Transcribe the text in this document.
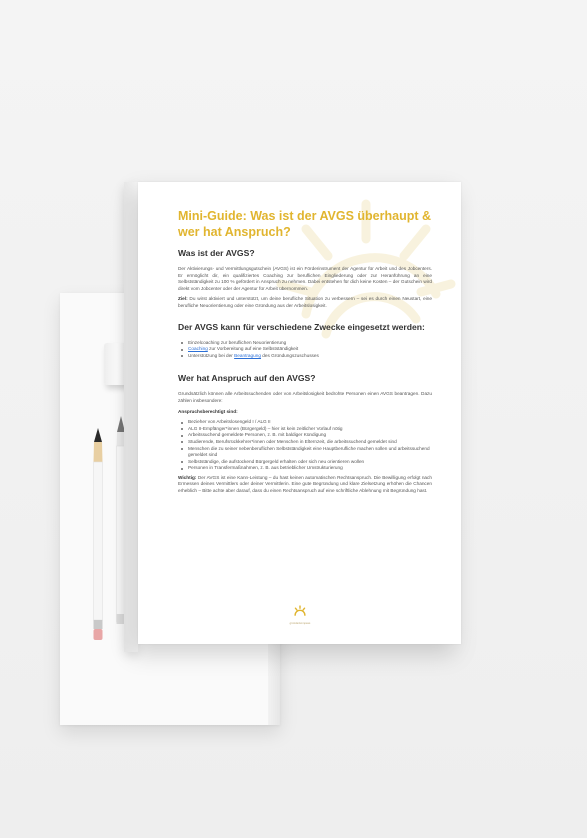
Mini-Guide: Was ist der AVGS überhaupt & wer hat Anspruch?
Was ist der AVGS?

Der Aktivierungs- und Vermittlungsgutschein (AVGS) ist ein Förderinstrument der Agentur für Arbeit und des Jobcenters. Er ermöglicht dir, ein qualifiziertes Coaching zur beruflichen Eingliederung oder zur Heranführung an eine Selbstständigkeit zu 100 % gefördert in Anspruch zu nehmen. Dabei entstehen für dich keine Kosten – der Gutschein wird direkt vom Jobcenter oder der Agentur für Arbeit übernommen.

Ziel: Du wirst aktiviert und unterstützt, um deine berufliche Situation zu verbessern – sei es durch einen Neustart, eine berufliche Neuorientierung oder eine Gründung aus der Arbeitslosigkeit.

Der AVGS kann für verschiedene Zwecke eingesetzt werden:
Einzelcoaching zur beruflichen Neuorientierung
Coaching zur Vorbereitung auf eine Selbstständigkeit
Unterstützung bei der Beantragung des Gründungszuschusses
Wer hat Anspruch auf den AVGS?

Grundsätzlich können alle Arbeitssuchenden oder von Arbeitslosigkeit bedrohte Personen einen AVGS beantragen. Dazu zählen insbesondere:

Anspruchsberechtigt sind:

Bezieher von Arbeitslosengeld I / ALG II
ALG II-Empfänger*innen (Bürgergeld) – hier ist kein zeitlicher Vorlauf nötig
Arbeitssuchend gemeldete Personen, z. B. mit baldiger Kündigung
Studierende, Berufsrückkehrer*innen oder Menschen in Elternzeit, die arbeitssuchend gemeldet sind
Menschen die zu seiner nebenberuflichen Selbstständigkeit eine Hauptberufliche machen sollen und arbeitssuchend gemeldet sind
Selbstständige, die aufstockend Bürgergeld erhalten oder sich neu orientieren wollen
Personen in Transfermaßnahmen, z. B. aus betrieblicher Umstrukturierung

Wichtig: Der AVGS ist eine Kann-Leistung – du hast keinen automatischen Rechtsanspruch. Die Bewilligung erfolgt nach Ermessen deines Vermittlers oder deiner Vermittlerin. Eine gute Begründung und klare Zielsetzung erhöhen die Chancen erheblich – Bitte achte aber darauf, dass du einen Rechtsanspruch auf eine schriftliche Ablehnung mit Begründung hast.

gründerkompass
